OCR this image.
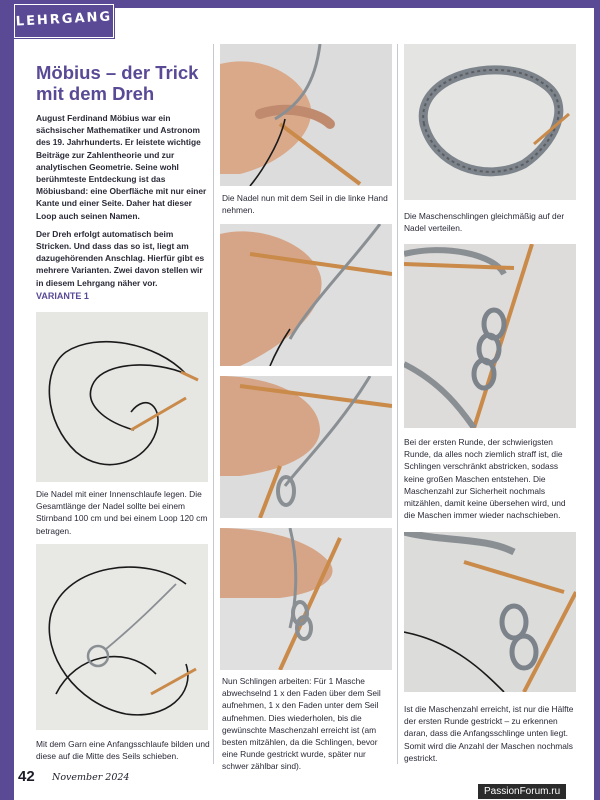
LEHRGANG
Möbius – der Trick mit dem Dreh

August Ferdinand Möbius war ein sächsischer Mathematiker und Astronom des 19. Jahrhunderts. Er leistete wichtige Beiträge zur Zahlentheorie und zur analytischen Geometrie. Seine wohl berühmteste Entdeckung ist das Möbiusband: eine Oberfläche mit nur einer Kante und einer Seite. Daher hat dieser Loop auch seinen Namen.

Der Dreh erfolgt automatisch beim Stricken. Und dass das so ist, liegt am dazugehörenden Anschlag. Hierfür gibt es mehrere Varianten. Zwei davon stellen wir in diesem Lehrgang näher vor.

VARIANTE 1
Die Nadel mit einer Innenschlaufe legen. Die Gesamtlänge der Nadel sollte bei einem Stirnband 100 cm und bei einem Loop 120 cm betragen.
Mit dem Garn eine Anfangsschlaufe bilden und diese auf die Mitte des Seils schieben.
Die Nadel nun mit dem Seil in die linke Hand nehmen.
Nun Schlingen arbeiten: Für 1 Masche abwechselnd 1 x den Faden über dem Seil aufnehmen, 1 x den Faden unter dem Seil aufnehmen. Dies wiederholen, bis die gewünschte Maschenzahl erreicht ist (am besten mitzählen, da die Schlingen, bevor eine Runde gestrickt wurde, später nur schwer zählbar sind).
Die Maschenschlingen gleichmäßig auf der Nadel verteilen.
Bei der ersten Runde, der schwierigsten Runde, da alles noch ziemlich straff ist, die Schlingen verschränkt abstricken, sodass keine großen Maschen entstehen. Die Maschenzahl zur Sicherheit nochmals mitzählen, damit keine übersehen wird, und die Maschen immer wieder nachschieben.
Ist die Maschenzahl erreicht, ist nur die Hälfte der ersten Runde gestrickt – zu erkennen daran, dass die Anfangsschlinge unten liegt. Somit wird die Anzahl der Maschen nochmals gestrickt.
42 November 2024
PassionForum.ru
